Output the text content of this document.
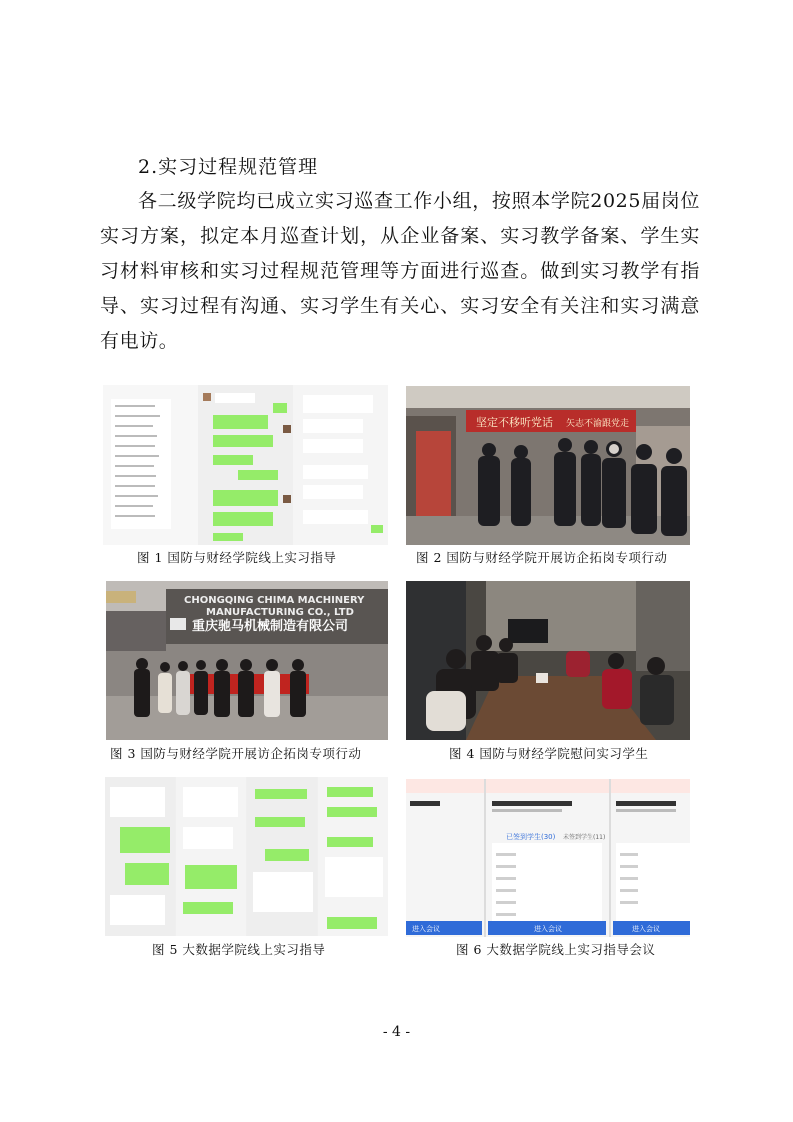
2.实习过程规范管理
各二级学院均已成立实习巡查工作小组，按照本学院2025届岗位实习方案，拟定本月巡查计划，从企业备案、实习教学备案、学生实习材料审核和实习过程规范管理等方面进行巡查。做到实习教学有指导、实习过程有沟通、实习学生有关心、实习安全有关注和实习满意有电访。
图 1 国防与财经学院线上实习指导
坚定不移听党话 矢志不渝跟党走
图 2 国防与财经学院开展访企拓岗专项行动
CHONGQING CHIMA MACHINERY
MANUFACTURING CO., LTD
重庆驰马机械制造有限公司
图 3 国防与财经学院开展访企拓岗专项行动	图 4 国防与财经学院慰问实习学生
图 5 大数据学院线上实习指导
已签到学生(30) 未签到学生(11)
进入会议	进入会议	进入会议
图 6 大数据学院线上实习指导会议
- 4 -
